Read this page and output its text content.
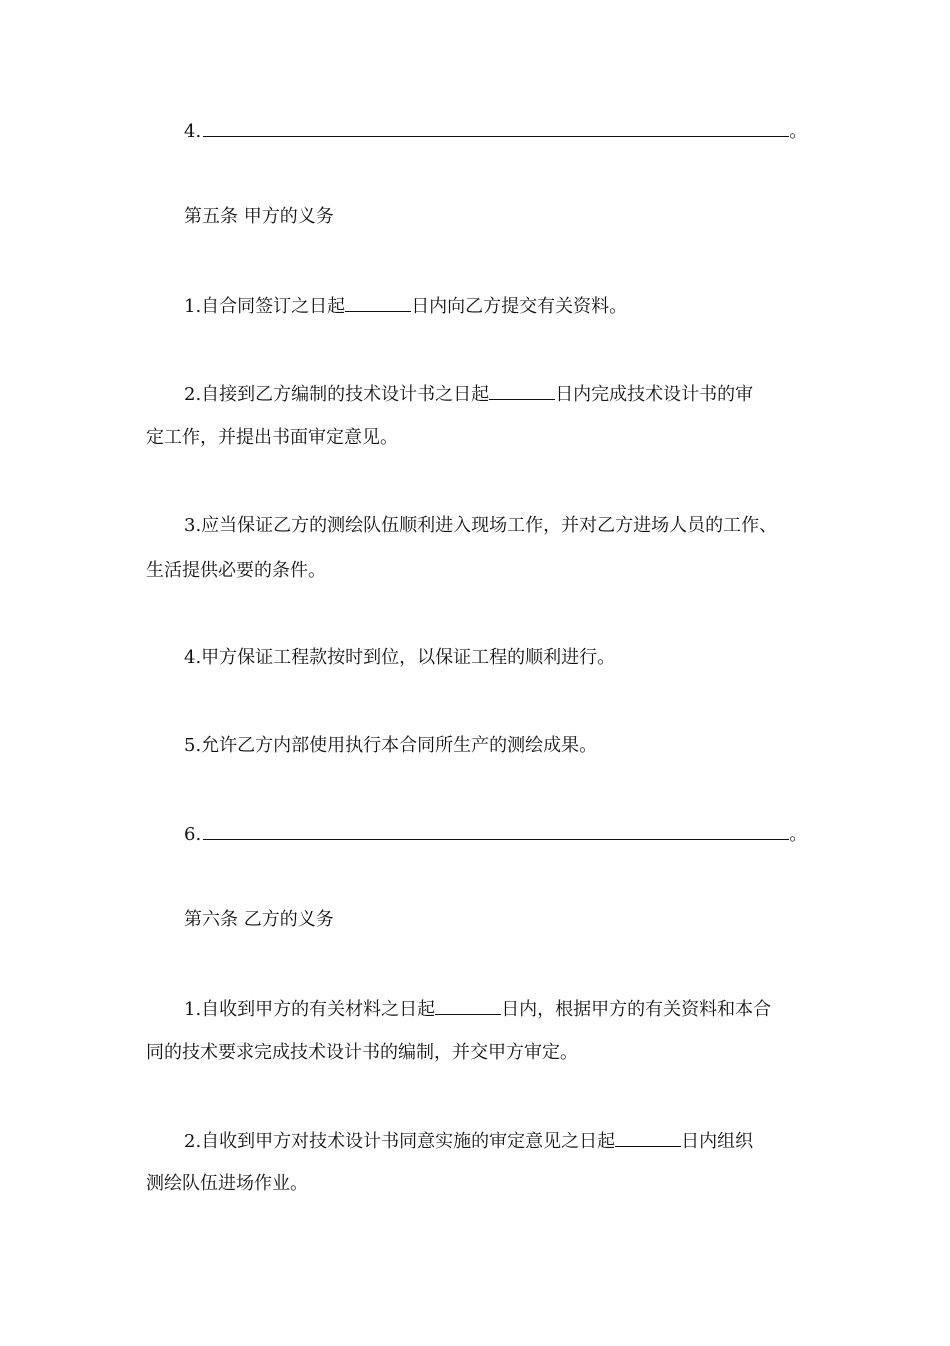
4.	。
第五条 甲方的义务
1.自合同签订之日起	日内向乙方提交有关资料。
2.自接到乙方编制的技术设计书之日起	日内完成技术设计书的审
定工作，并提出书面审定意见。
3.应当保证乙方的测绘队伍顺利进入现场工作，并对乙方进场人员的工作、
生活提供必要的条件。
4.甲方保证工程款按时到位，以保证工程的顺利进行。
5.允许乙方内部使用执行本合同所生产的测绘成果。
6.	。
第六条 乙方的义务
1.自收到甲方的有关材料之日起	日内，根据甲方的有关资料和本合
同的技术要求完成技术设计书的编制，并交甲方审定。
2.自收到甲方对技术设计书同意实施的审定意见之日起	日内组织
测绘队伍进场作业。
